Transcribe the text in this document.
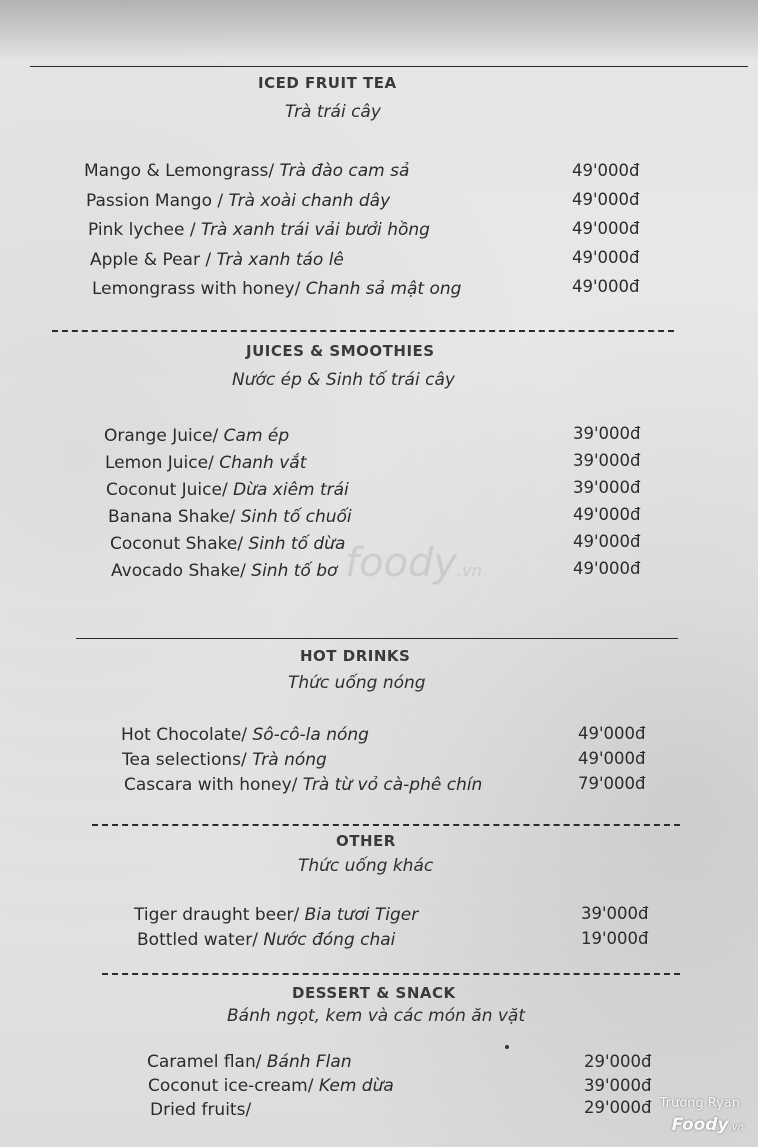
ICED FRUIT TEA
Trà trái cây
Mango & Lemongrass/ Trà đào cam sả	49'000đ
Passion Mango / Trà xoài chanh dây	49'000đ
Pink lychee / Trà xanh trái vải bưởi hồng	49'000đ
Apple & Pear / Trà xanh táo lê	49'000đ
Lemongrass with honey/ Chanh sả mật ong	49'000đ
JUICES & SMOOTHIES
Nước ép & Sinh tố trái cây
Orange Juice/ Cam ép	39'000đ
Lemon Juice/ Chanh vắt	39'000đ
Coconut Juice/ Dừa xiêm trái	39'000đ
Banana Shake/ Sinh tố chuối	49'000đ
Coconut Shake/ Sinh tố dừa	49'000đ
Avocado Shake/ Sinh tố bơ	49'000đ
foody.vn
HOT DRINKS
Thức uống nóng
Hot Chocolate/ Sô-cô-la nóng	49'000đ
Tea selections/ Trà nóng	49'000đ
Cascara with honey/ Trà từ vỏ cà-phê chín	79'000đ
OTHER
Thức uống khác
Tiger draught beer/ Bia tươi Tiger	39'000đ
Bottled water/ Nước đóng chai	19'000đ
DESSERT & SNACK
Bánh ngọt, kem và các món ăn vặt
Caramel flan/ Bánh Flan	29'000đ
Coconut ice-cream/ Kem dừa	39'000đ
Dried fruits/	29'000đ Trương Ryan
Foody.vn
